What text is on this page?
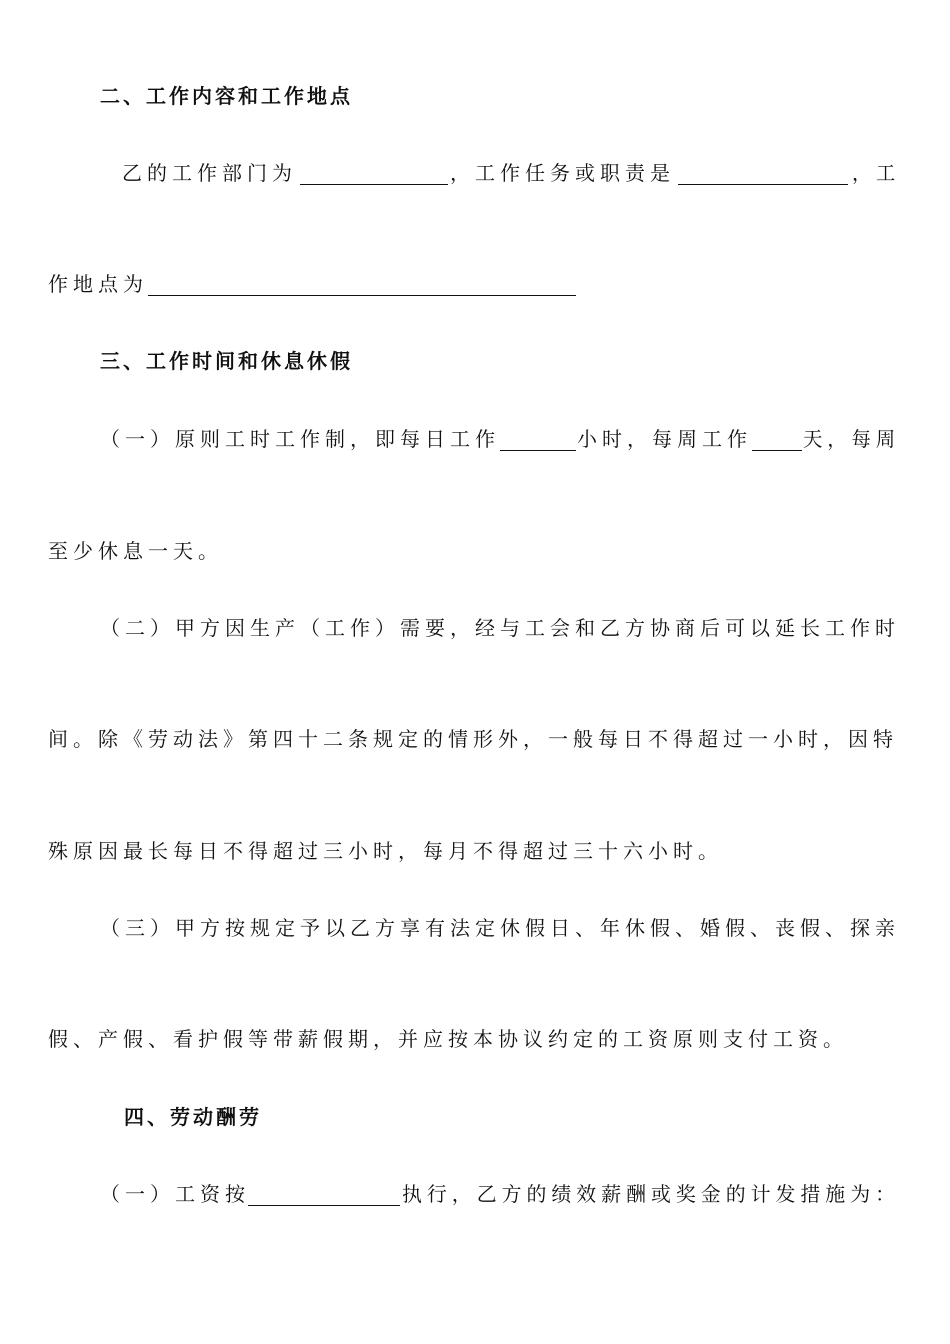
二、工作内容和工作地点
乙的工作部门为	，工作任务或职责是	，工
作地点为
三、工作时间和休息休假
（一）原则工时工作制，即每日工作	小时，每周工作	天，每周
至少休息一天。
（二）甲方因生产（工作）需要，经与工会和乙方协商后可以延长工作时
间。除《劳动法》第四十二条规定的情形外，一般每日不得超过一小时，因特
殊原因最长每日不得超过三小时，每月不得超过三十六小时。
（三）甲方按规定予以乙方享有法定休假日、年休假、婚假、丧假、探亲
假、产假、看护假等带薪假期，并应按本协议约定的工资原则支付工资。
四、劳动酬劳
（一）工资按	执行，乙方的绩效薪酬或奖金的计发措施为：
